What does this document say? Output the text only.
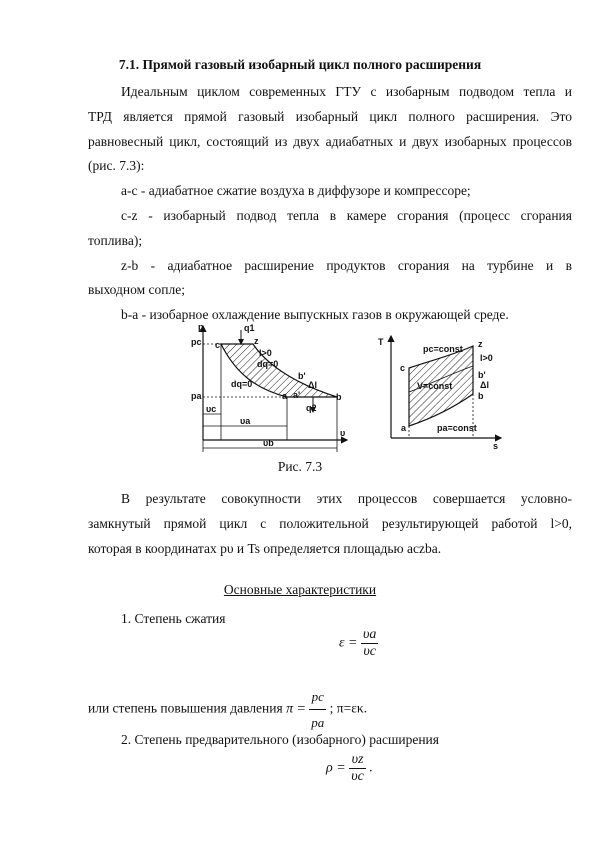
7.1. Прямой газовый изобарный цикл полного расширения
Идеальным циклом современных ГТУ с изобарным подводом тепла и
ТРД является прямой газовый изобарный цикл полного расширения. Это
равновесный цикл, состоящий из двух адиабатных и двух изобарных процессов
(рис. 7.3):
a-c - адиабатное сжатие воздуха в диффузоре и компрессоре;
c-z - изобарный подвод тепла в камере сгорания (процесс сгорания
топлива);
z-b - адиабатное расширение продуктов сгорания на турбине и в
выходном сопле;
b-a - изобарное охлаждение выпускных газов в окружающей среде.
p
υ
pc
pa
q1
q2
l>0
dq=0
dq=0
c	z
a	b
b'
a'
Δl
υc
υa
υb
T
s
pc=const
pa=const
V=const
l>0
Δl
z
c
a
b
b'
Рис. 7.3
В результате совокупности этих процессов совершается условно-
замкнутый прямой цикл с положительной результирующей работой l>0,
которая в координатах pυ и Ts определяется площадью aczba.
Основные характеристики
1. Степень сжатия
$\varepsilon = \frac{\upsilon a}{\upsilon c}$
или степень повышения давления $\pi = \frac{pc}{pa}$ ; π=εκ.
2. Степень предварительного (изобарного) расширения
$\rho = \frac{\upsilon z}{\upsilon c}$ .
